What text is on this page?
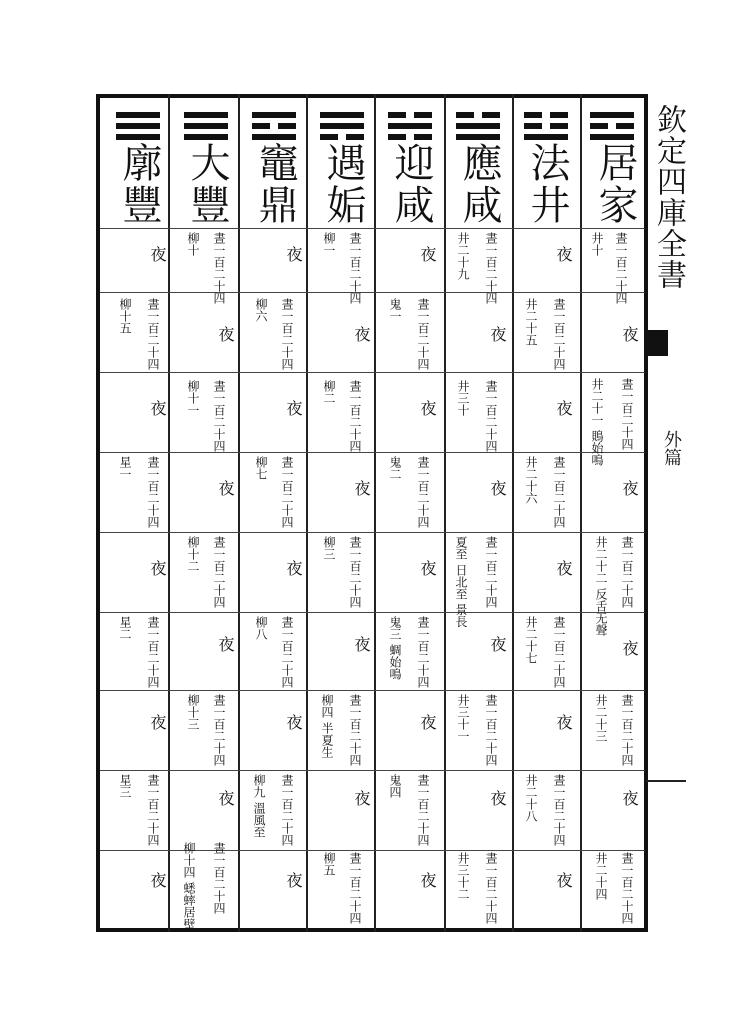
欽定四庫全書
外篇
居家
井十 晝一百二十四
夜
井二十一 鵙始鳴 晝一百二十四
夜
井二十二 反舌无聲 晝一百二十四
夜
井二十三 晝一百二十四
夜
井二十四 晝一百二十四
法井
夜
井二十五 晝一百二十四
夜
井二十六 晝一百二十四
夜
井二十七 晝一百二十四
夜
井二十八 晝一百二十四
夜
應咸
井二十九 晝一百二十四
夜
井三十 晝一百二十四
夜
夏至 日北至 景長 晝一百二十四
夜
井三十一 晝一百二十四
夜
井三十二 晝一百二十四
迎咸
夜
鬼一 晝一百二十四
夜
鬼二 晝一百二十四
夜
鬼三 蜩始鳴 晝一百二十四
夜
鬼四 晝一百二十四
夜
遇姤
柳一 晝一百二十四
夜
柳二 晝一百二十四
夜
柳三 晝一百二十四
夜
柳四 半夏生 晝一百二十四
夜
柳五 晝一百二十四
竈鼎
夜
柳六 晝一百二十四
夜
柳七 晝一百二十四
夜
柳八 晝一百二十四
夜
柳九 溫風至 晝一百二十四
夜
大豐
柳十 晝一百二十四
夜
柳十一 晝一百二十四
夜
柳十二 晝一百二十四
夜
柳十三 晝一百二十四
夜
柳十四 蟋蟀居壁 晝一百二十四
廓豐
夜
柳十五 晝一百二十四
夜
星一 晝一百二十四
夜
星二 晝一百二十四
夜
星三 晝一百二十四
夜
